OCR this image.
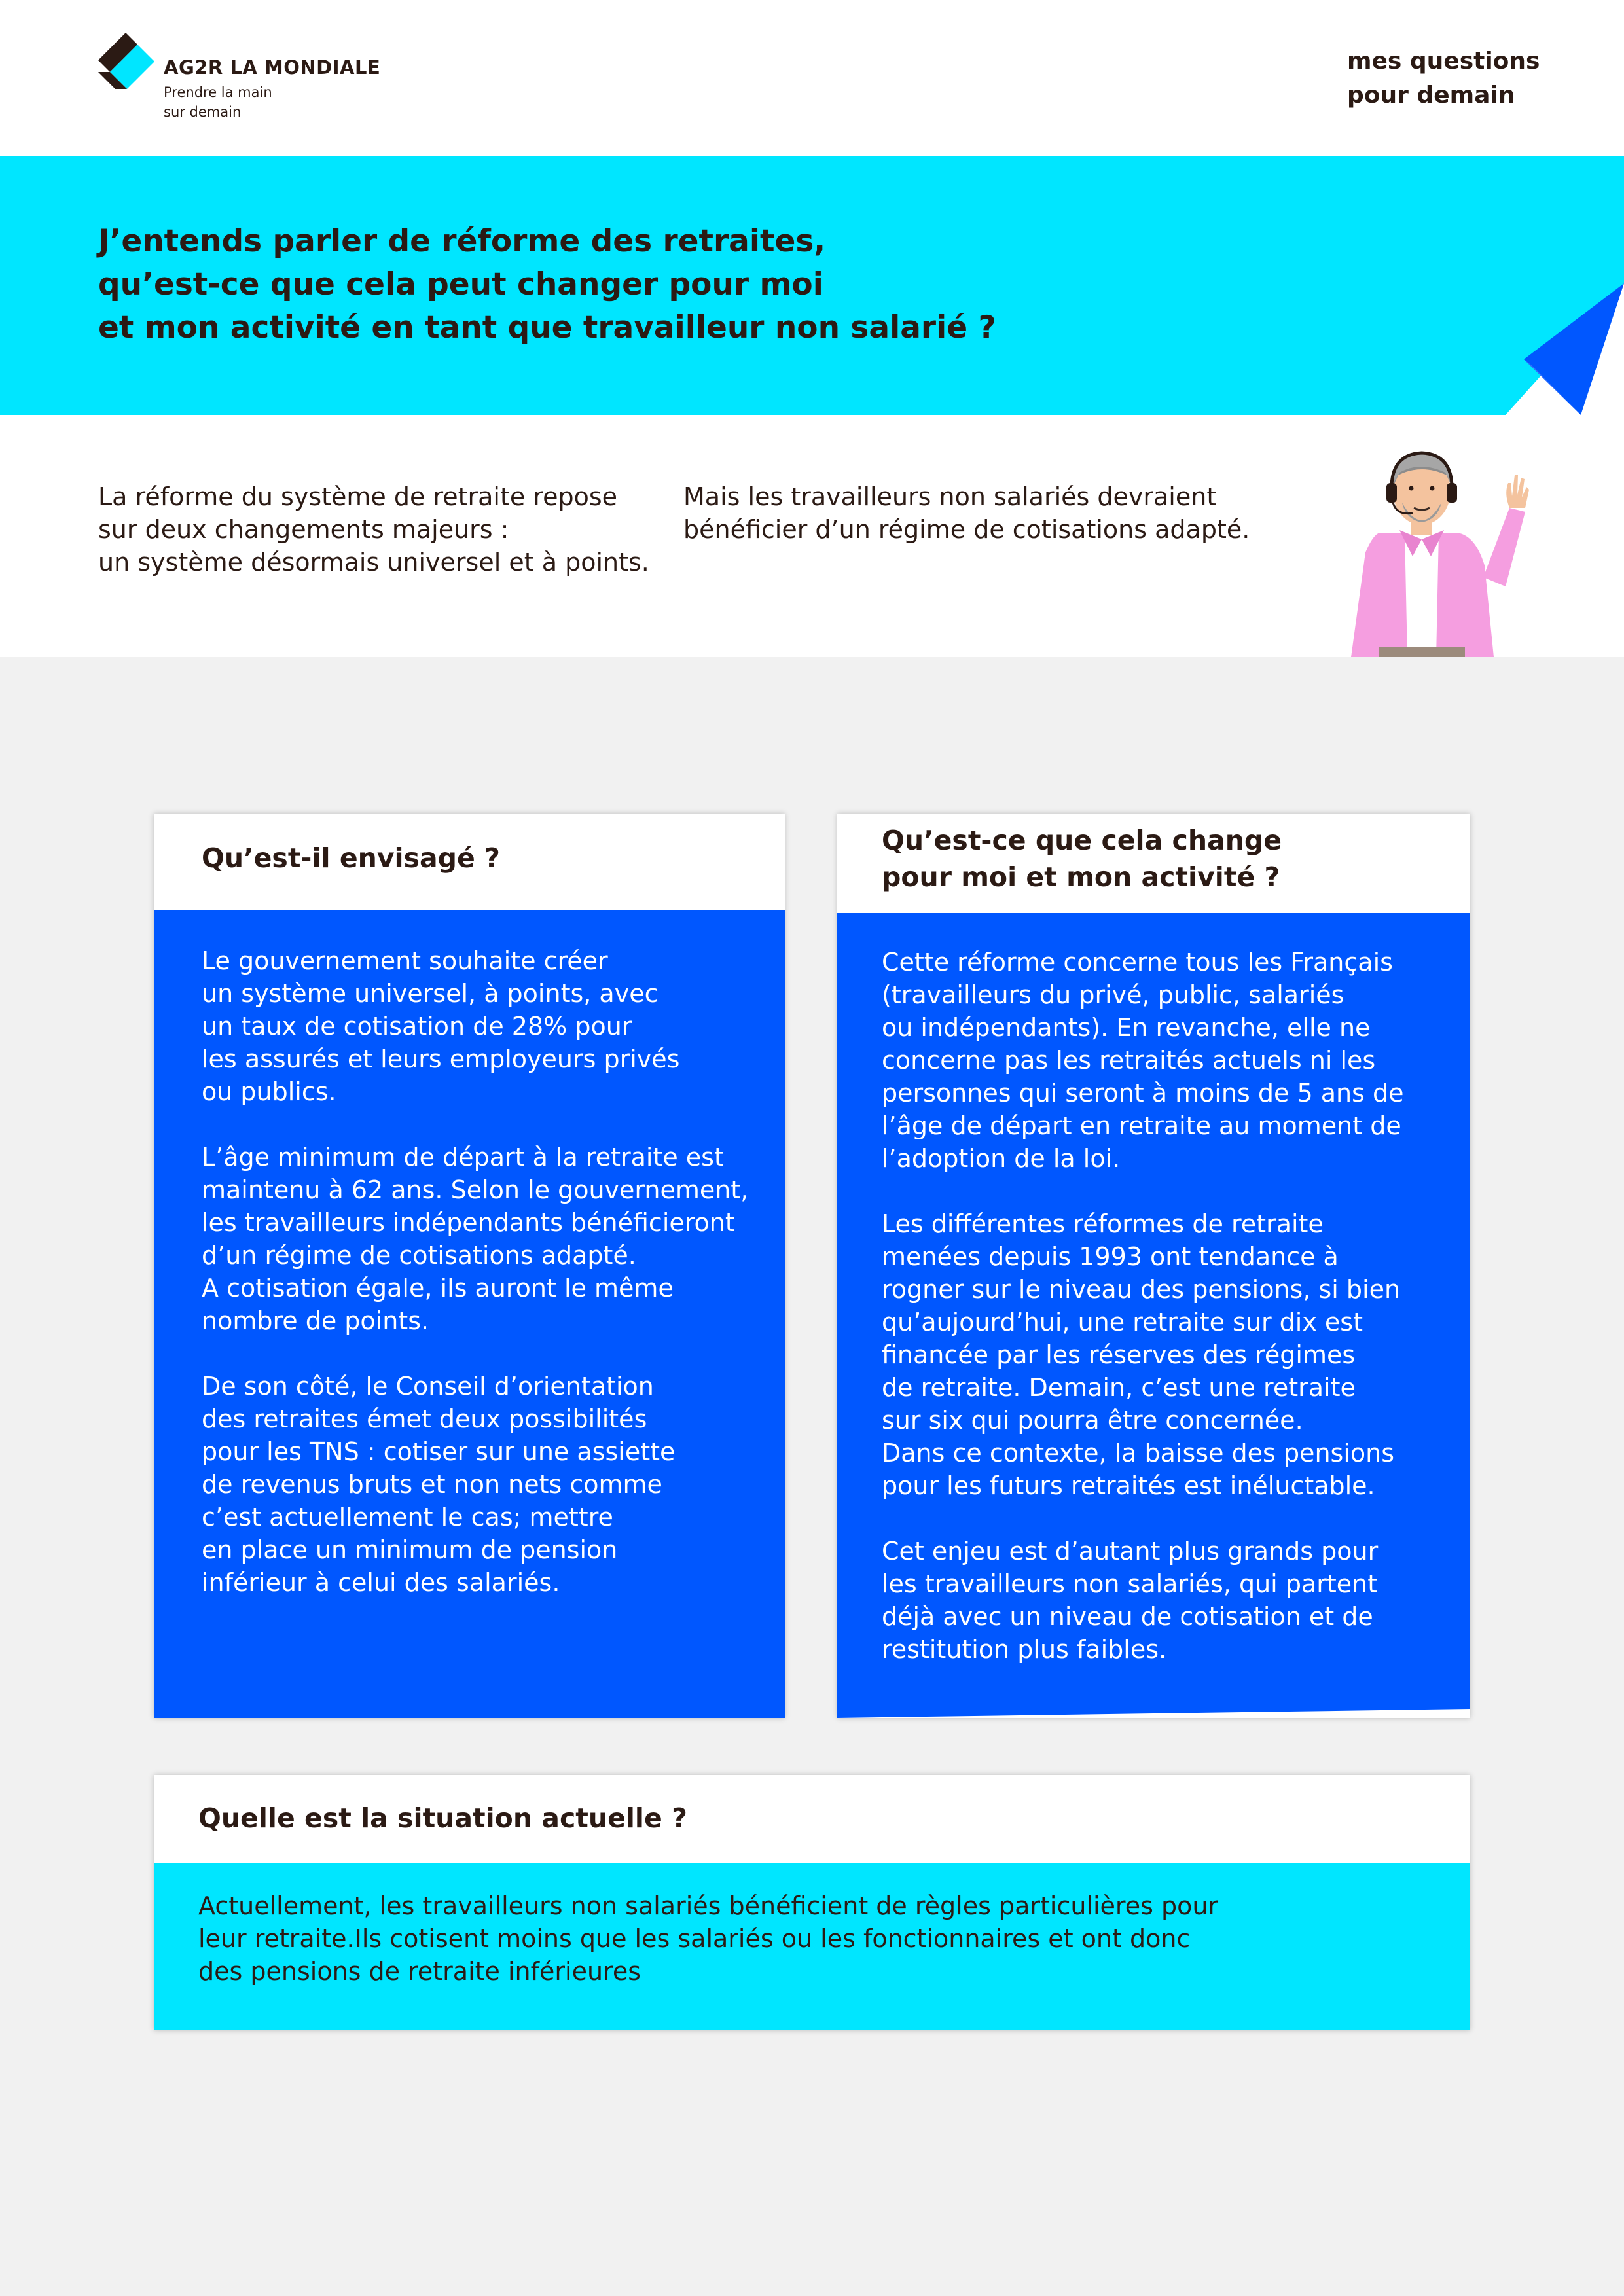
AG2R LA MONDIALE
Prendre la main
sur demain
mes questions
pour demain
J’entends parler de réforme des retraites,
qu’est-ce que cela peut changer pour moi
et mon activité en tant que travailleur non salarié ?
La réforme du système de retraite repose
sur deux changements majeurs :
un système désormais universel et à points.
Mais les travailleurs non salariés devraient
bénéficier d’un régime de cotisations adapté.
Qu’est-il envisagé ?

Le gouvernement souhaite créer
un système universel, à points, avec
un taux de cotisation de 28% pour
les assurés et leurs employeurs privés
ou publics.

L’âge minimum de départ à la retraite est
maintenu à 62 ans. Selon le gouvernement,
les travailleurs indépendants bénéficieront
d’un régime de cotisations adapté.
A cotisation égale, ils auront le même
nombre de points.

De son côté, le Conseil d’orientation
des retraites émet deux possibilités
pour les TNS : cotiser sur une assiette
de revenus bruts et non nets comme
c’est actuellement le cas; mettre
en place un minimum de pension
inférieur à celui des salariés.

Qu’est-ce que cela change
pour moi et mon activité ?

Cette réforme concerne tous les Français
(travailleurs du privé, public, salariés
ou indépendants). En revanche, elle ne
concerne pas les retraités actuels ni les
personnes qui seront à moins de 5 ans de
l’âge de départ en retraite au moment de
l’adoption de la loi.

Les différentes réformes de retraite
menées depuis 1993 ont tendance à
rogner sur le niveau des pensions, si bien
qu’aujourd’hui, une retraite sur dix est
financée par les réserves des régimes
de retraite. Demain, c’est une retraite
sur six qui pourra être concernée.
Dans ce contexte, la baisse des pensions
pour les futurs retraités est inéluctable.

Cet enjeu est d’autant plus grands pour
les travailleurs non salariés, qui partent
déjà avec un niveau de cotisation et de
restitution plus faibles.

Quelle est la situation actuelle ?

Actuellement, les travailleurs non salariés bénéficient de règles particulières pour
leur retraite.Ils cotisent moins que les salariés ou les fonctionnaires et ont donc
des pensions de retraite inférieures
